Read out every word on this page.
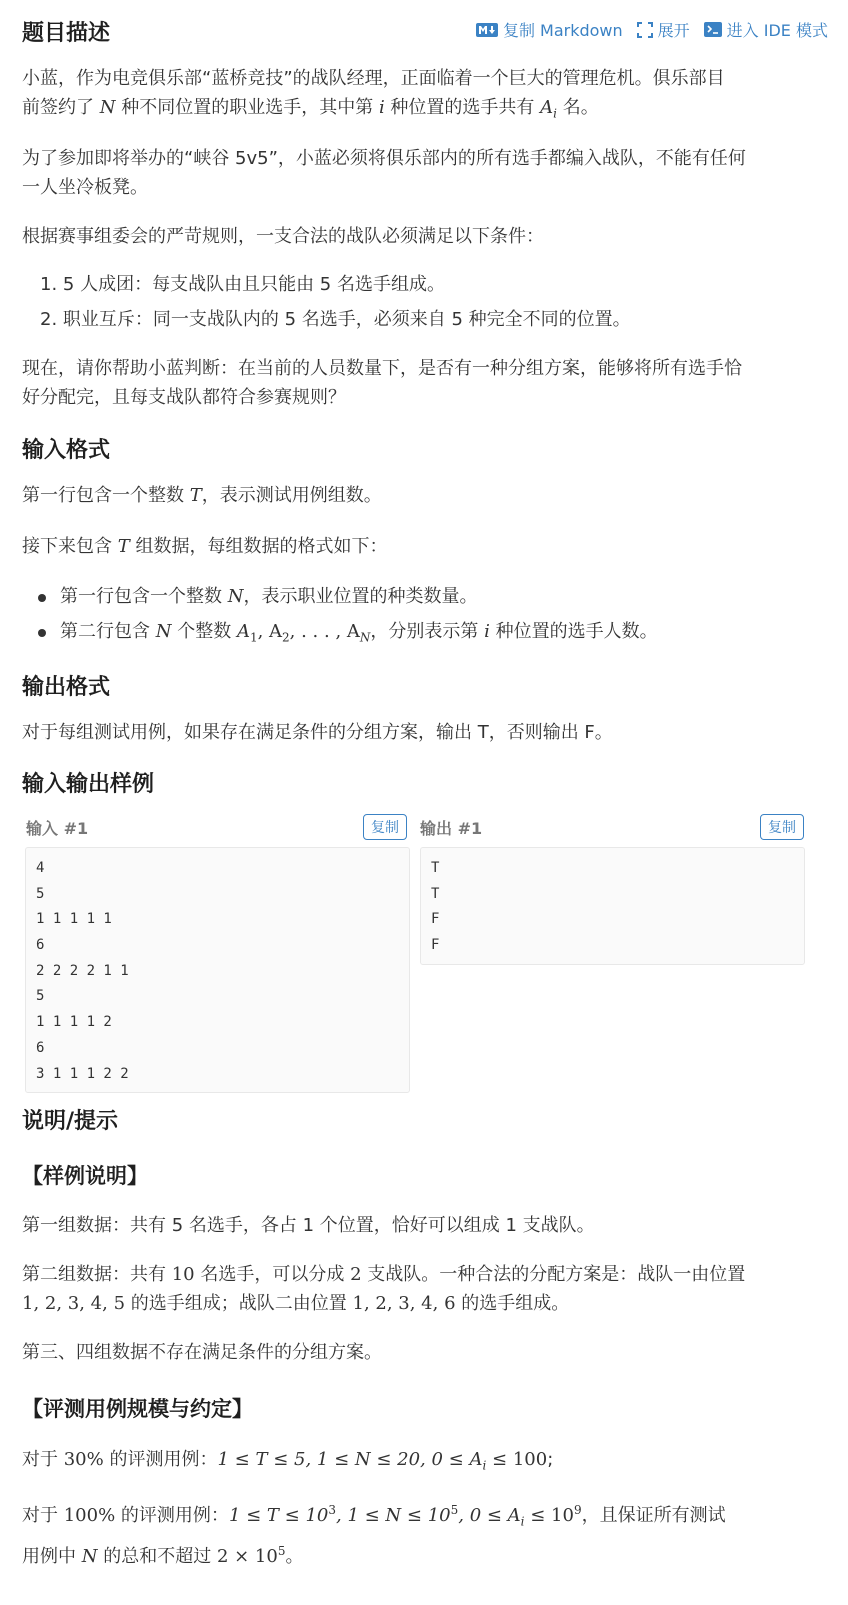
题目描述	复制 Markdown 展开 进入 IDE 模式
小蓝，作为电竞俱乐部“蓝桥竞技”的战队经理，正面临着一个巨大的管理危机。俱乐部目
前签约了 N 种不同位置的职业选手，其中第 i 种位置的选手共有 $A_i$ 名。
为了参加即将举办的“峡谷 5v5”，小蓝必须将俱乐部内的所有选手都编入战队，不能有任何
一人坐冷板凳。
根据赛事组委会的严苛规则，一支合法的战队必须满足以下条件：
1. 5 人成团：每支战队由且只能由 5 名选手组成。
2. 职业互斥：同一支战队内的 5 名选手，必须来自 5 种完全不同的位置。
现在，请你帮助小蓝判断：在当前的人员数量下，是否有一种分组方案，能够将所有选手恰
好分配完，且每支战队都符合参赛规则？
输入格式
第一行包含一个整数 T，表示测试用例组数。
接下来包含 T 组数据，每组数据的格式如下：
第一行包含一个整数 N，表示职业位置的种类数量。
第二行包含 N 个整数 $A_1$, $A_2$, . . . , $A_N$，分别表示第 i 种位置的选手人数。
输出格式
对于每组测试用例，如果存在满足条件的分组方案，输出 T，否则输出 F。
输入输出样例
输入 #1	复制
4
5
1 1 1 1 1
6
2 2 2 2 1 1
5
1 1 1 1 2
6
3 1 1 1 2 2
输出 #1	复制
T
T
F
F
说明/提示
【样例说明】
第一组数据：共有 5 名选手，各占 1 个位置，恰好可以组成 1 支战队。
第二组数据：共有 10 名选手，可以分成 2 支战队。一种合法的分配方案是：战队一由位置
1, 2, 3, 4, 5 的选手组成；战队二由位置 1, 2, 3, 4, 6 的选手组成。
第三、四组数据不存在满足条件的分组方案。
【评测用例规模与约定】
对于 30% 的评测用例：1 ≤ T ≤ 5, 1 ≤ N ≤ 20, $0 \le A_i \le 100$;
对于 100% 的评测用例：$1 \le T \le 10^3$, $1 \le N \le 10^5$, $0 \le A_i \le 10^9$，且保证所有测试
用例中 N 的总和不超过 $2 \times 10^5$。
